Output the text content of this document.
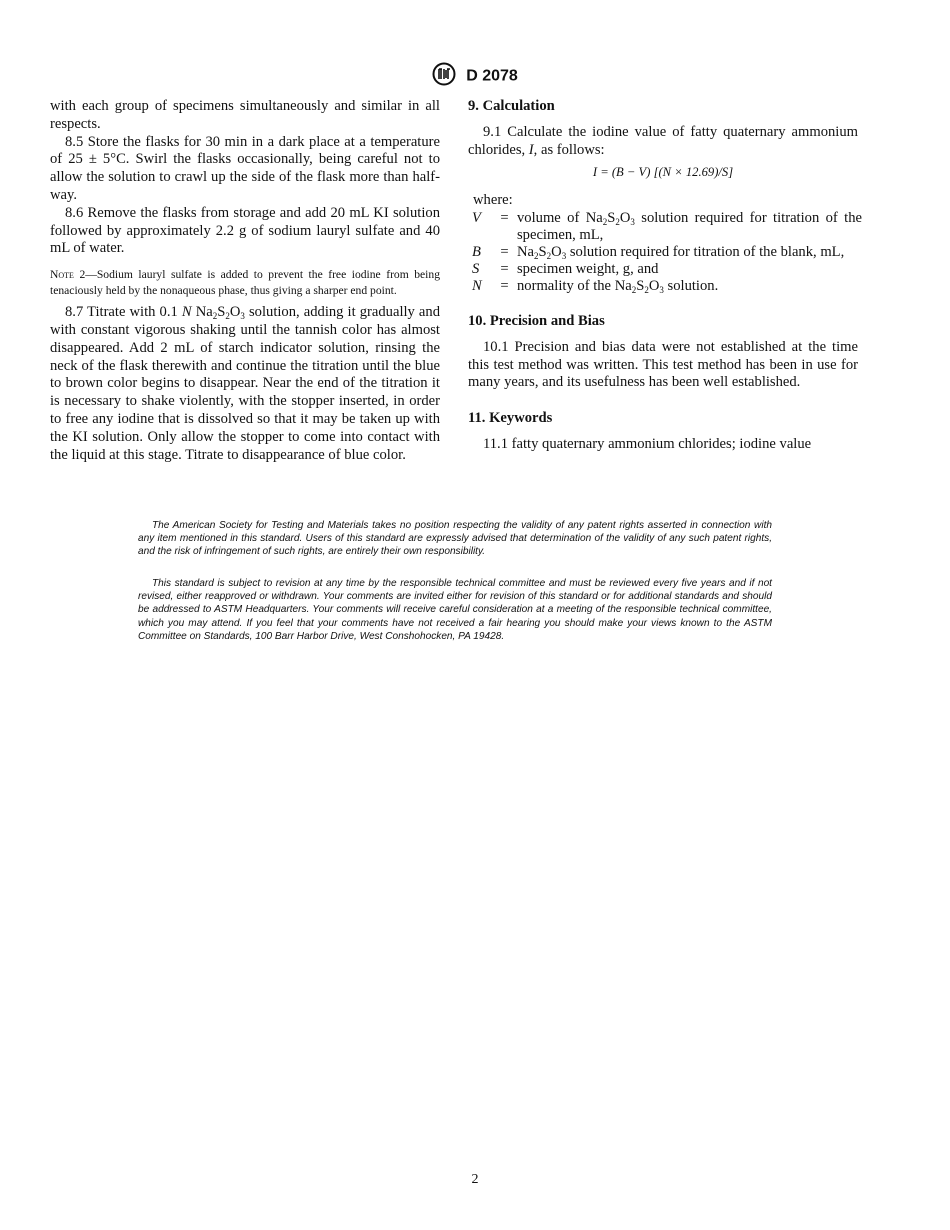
D 2078

with each group of specimens simultaneously and similar in all respects.

8.5 Store the flasks for 30 min in a dark place at a temperature of 25 ± 5°C. Swirl the flasks occasionally, being careful not to allow the solution to crawl up the side of the flask more than half-way.

8.6 Remove the flasks from storage and add 20 mL KI solution followed by approximately 2.2 g of sodium lauryl sulfate and 40 mL of water.

Note 2—Sodium lauryl sulfate is added to prevent the free iodine from being tenaciously held by the nonaqueous phase, thus giving a sharper end point.

8.7 Titrate with 0.1 N $Na_2S_2O_3$ solution, adding it gradually and with constant vigorous shaking until the tannish color has almost disappeared. Add 2 mL of starch indicator solution, rinsing the neck of the flask therewith and continue the titration until the blue to brown color begins to disappear. Near the end of the titration it is necessary to shake violently, with the stopper inserted, in order to free any iodine that is dissolved so that it may be taken up with the KI solution. Only allow the stopper to come into contact with the liquid at this stage. Titrate to disappearance of blue color.

9. Calculation

9.1 Calculate the iodine value of fatty quaternary ammonium chlorides, I, as follows:

I = (B − V) [(N × 12.69)/S]

where:

V	=	volume of $Na_2S_2O_3$ solution required for titration of the specimen, mL,
B	=	$Na_2S_2O_3$ solution required for titration of the blank, mL,
S	=	specimen weight, g, and
N	=	normality of the $Na_2S_2O_3$ solution.
10. Precision and Bias

10.1 Precision and bias data were not established at the time this test method was written. This test method has been in use for many years, and its usefulness has been well established.

11. Keywords

11.1 fatty quaternary ammonium chlorides; iodine value

The American Society for Testing and Materials takes no position respecting the validity of any patent rights asserted in connection with any item mentioned in this standard. Users of this standard are expressly advised that determination of the validity of any such patent rights, and the risk of infringement of such rights, are entirely their own responsibility.

This standard is subject to revision at any time by the responsible technical committee and must be reviewed every five years and if not revised, either reapproved or withdrawn. Your comments are invited either for revision of this standard or for additional standards and should be addressed to ASTM Headquarters. Your comments will receive careful consideration at a meeting of the responsible technical committee, which you may attend. If you feel that your comments have not received a fair hearing you should make your views known to the ASTM Committee on Standards, 100 Barr Harbor Drive, West Conshohocken, PA 19428.

2
